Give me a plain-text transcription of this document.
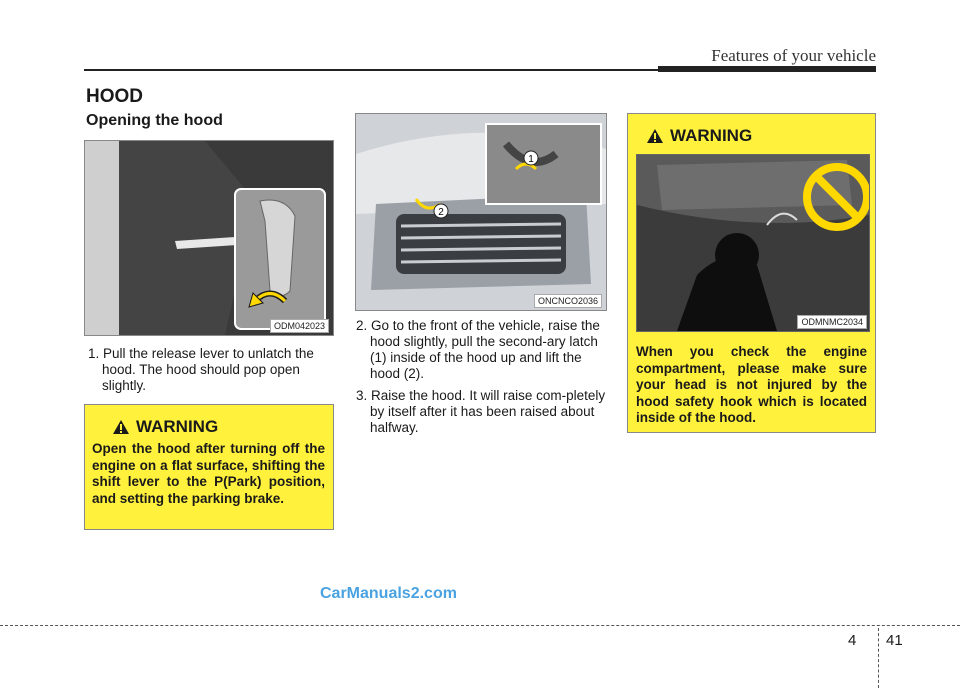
Features of your vehicle
HOOD
Opening the hood
ODM042023
1
2
ONCNCO2036

1. Pull the release lever to unlatch the hood. The hood should pop open slightly.

2. Go to the front of the vehicle, raise the hood slightly, pull the second-ary latch (1) inside of the hood up and lift the hood (2).

3. Raise the hood. It will raise com-pletely by itself after it has been raised about halfway.

WARNING
Open the hood after turning off the engine on a flat surface, shifting the shift lever to the P(Park) position, and setting the parking brake.
WARNING
ODMNMC2034
When you check the engine compartment, please make sure your head is not injured by the hood safety hook which is located inside of the hood.
CarManuals2.com
4 41
